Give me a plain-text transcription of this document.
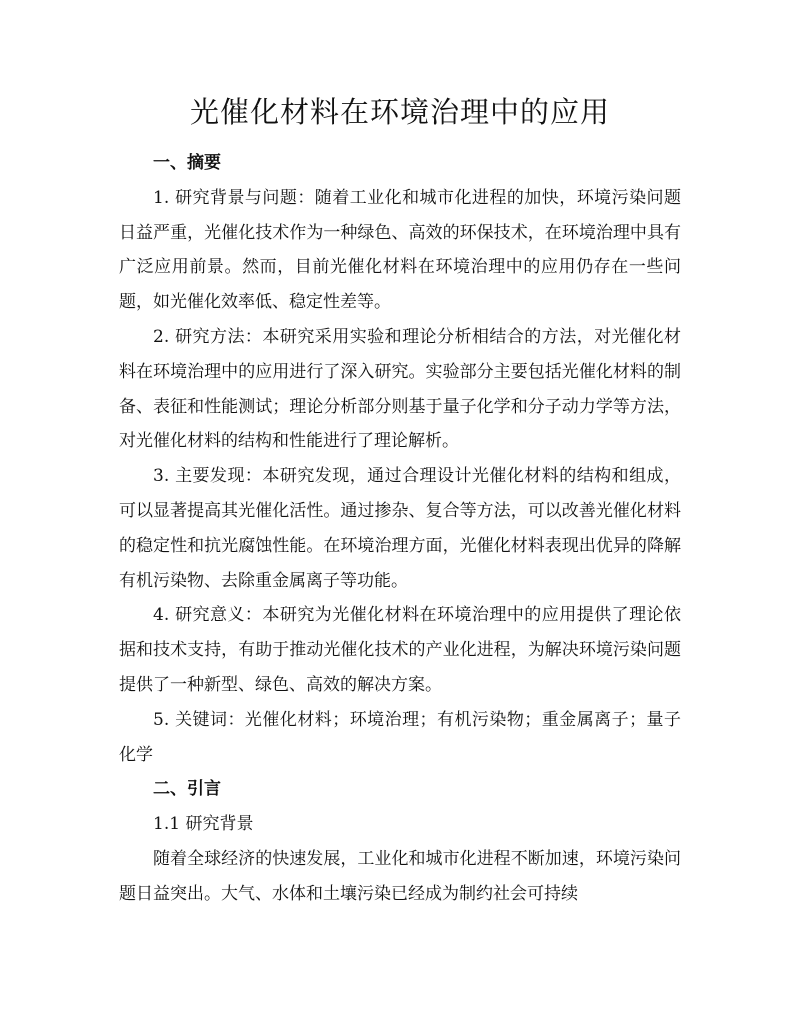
光催化材料在环境治理中的应用

一、摘要

1. 研究背景与问题：随着工业化和城市化进程的加快，环境污染问题日益严重，光催化技术作为一种绿色、高效的环保技术，在环境治理中具有广泛应用前景。然而，目前光催化材料在环境治理中的应用仍存在一些问题，如光催化效率低、稳定性差等。

2. 研究方法：本研究采用实验和理论分析相结合的方法，对光催化材料在环境治理中的应用进行了深入研究。实验部分主要包括光催化材料的制备、表征和性能测试；理论分析部分则基于量子化学和分子动力学等方法，对光催化材料的结构和性能进行了理论解析。

3. 主要发现：本研究发现，通过合理设计光催化材料的结构和组成，可以显著提高其光催化活性。通过掺杂、复合等方法，可以改善光催化材料的稳定性和抗光腐蚀性能。在环境治理方面，光催化材料表现出优异的降解有机污染物、去除重金属离子等功能。

4. 研究意义：本研究为光催化材料在环境治理中的应用提供了理论依据和技术支持，有助于推动光催化技术的产业化进程，为解决环境污染问题提供了一种新型、绿色、高效的解决方案。

5. 关键词：光催化材料；环境治理；有机污染物；重金属离子；量子化学

二、引言

1.1 研究背景

随着全球经济的快速发展，工业化和城市化进程不断加速，环境污染问题日益突出。大气、水体和土壤污染已经成为制约社会可持续
